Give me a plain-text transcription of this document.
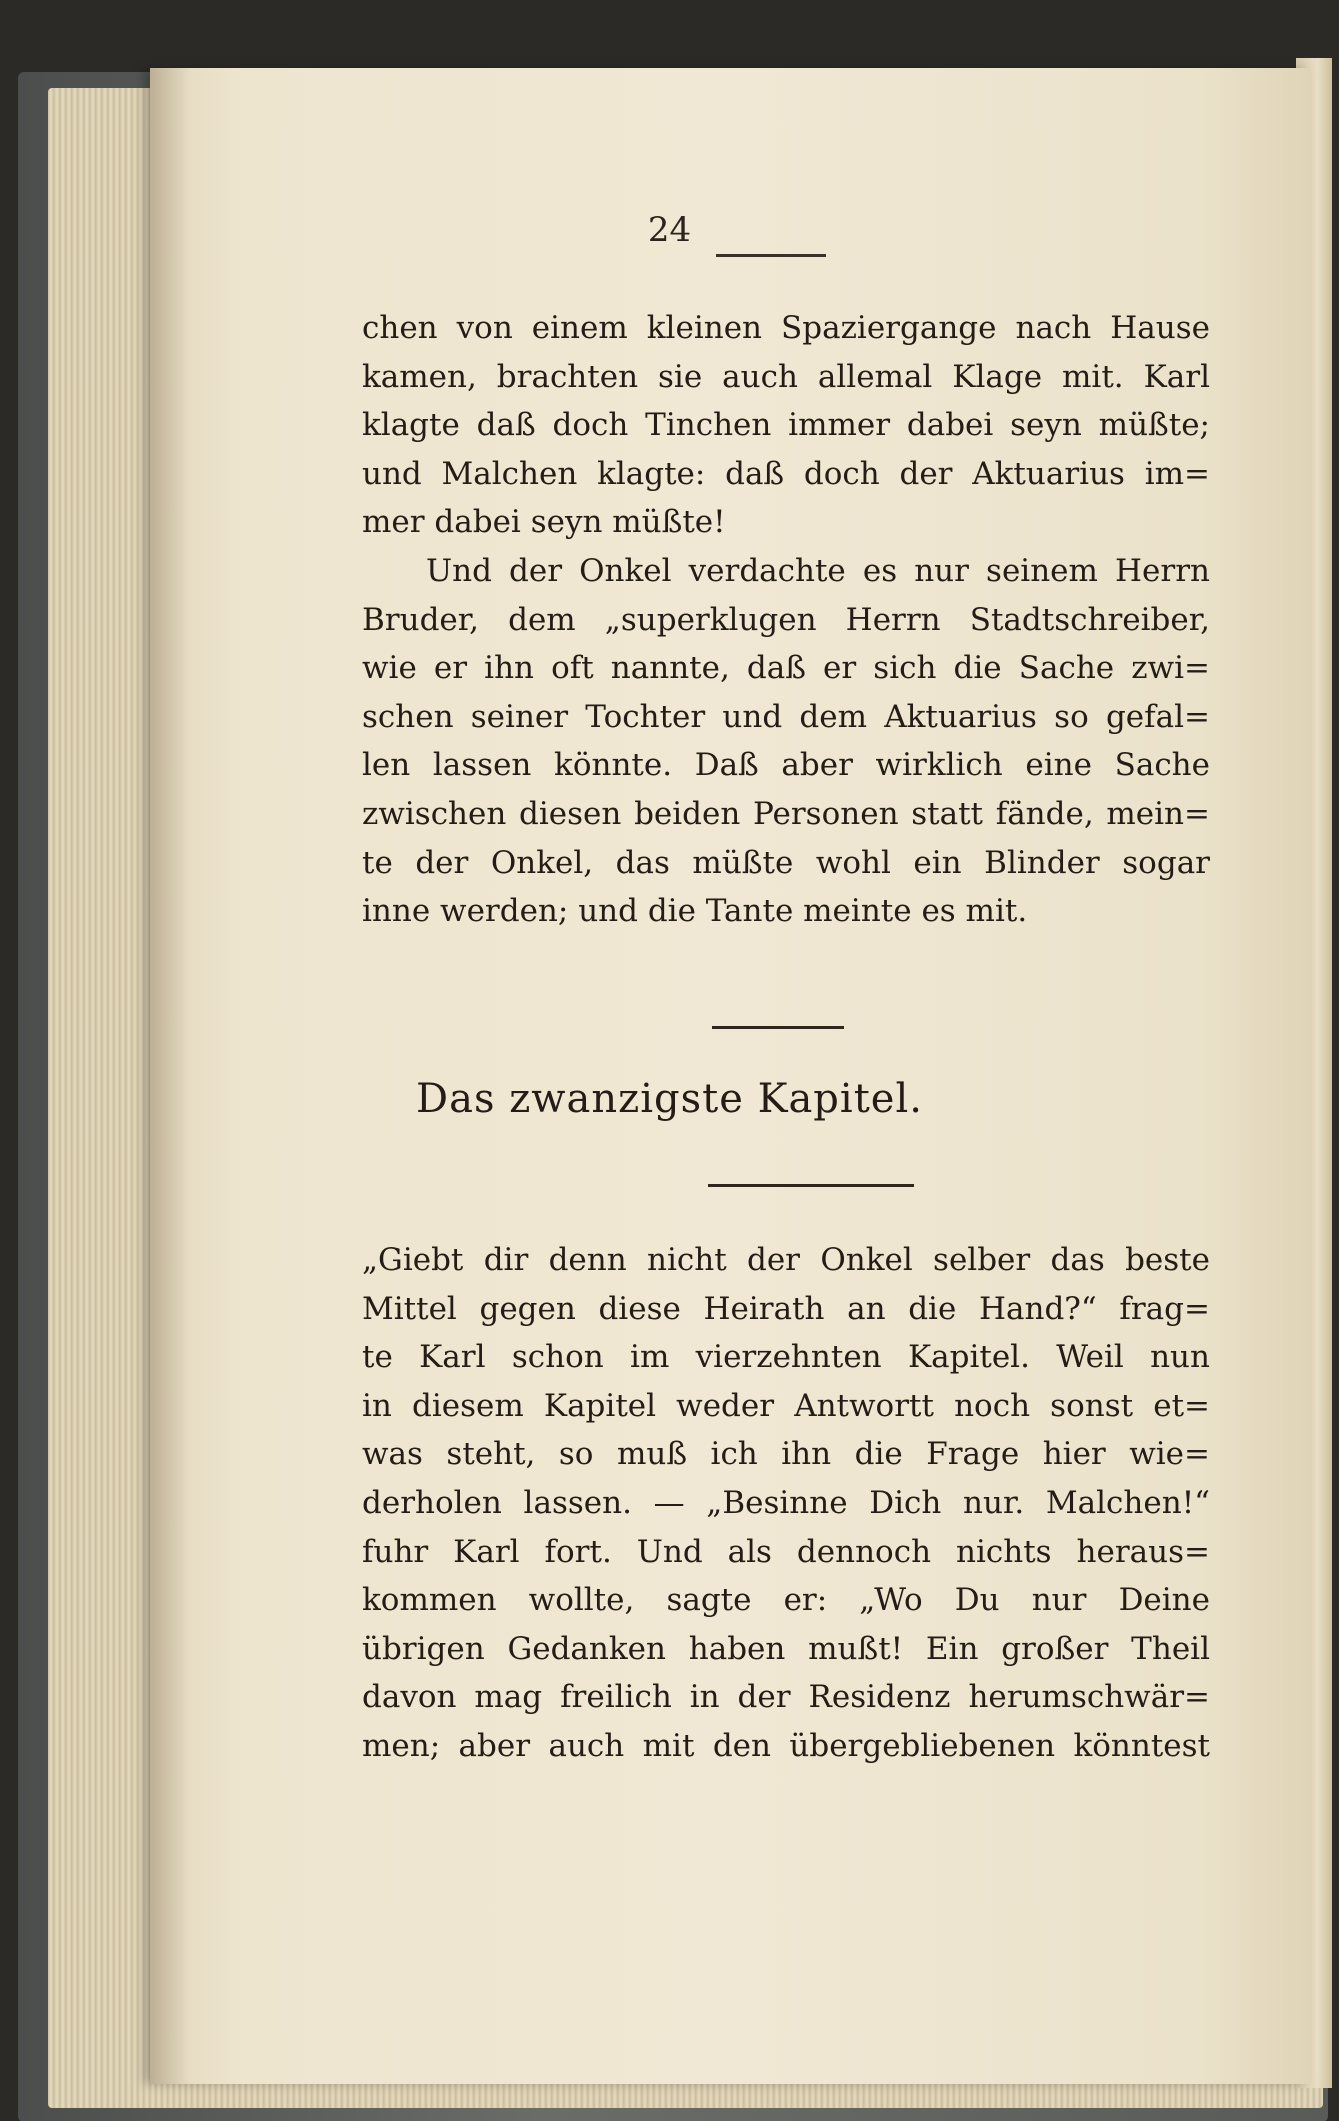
24
chen von einem kleinen Spaziergange nach Hause
kamen, brachten sie auch allemal Klage mit. Karl
klagte daß doch Tinchen immer dabei seyn müßte;
und Malchen klagte: daß doch der Aktuarius im=
mer dabei seyn müßte!
Und der Onkel verdachte es nur seinem Herrn
Bruder, dem „superklugen Herrn Stadtschreiber,
wie er ihn oft nannte, daß er sich die Sache zwi=
schen seiner Tochter und dem Aktuarius so gefal=
len lassen könnte. Daß aber wirklich eine Sache
zwischen diesen beiden Personen statt fände, mein=
te der Onkel, das müßte wohl ein Blinder sogar
inne werden; und die Tante meinte es mit.
Das zwanzigste Kapitel.
„Giebt dir denn nicht der Onkel selber das beste
Mittel gegen diese Heirath an die Hand?“ frag=
te Karl schon im vierzehnten Kapitel. Weil nun
in diesem Kapitel weder Antwortt noch sonst et=
was steht, so muß ich ihn die Frage hier wie=
derholen lassen. — „Besinne Dich nur. Malchen!“
fuhr Karl fort. Und als dennoch nichts heraus=
kommen wollte, sagte er: „Wo Du nur Deine
übrigen Gedanken haben mußt! Ein großer Theil
davon mag freilich in der Residenz herumschwär=
men; aber auch mit den übergebliebenen könntest
